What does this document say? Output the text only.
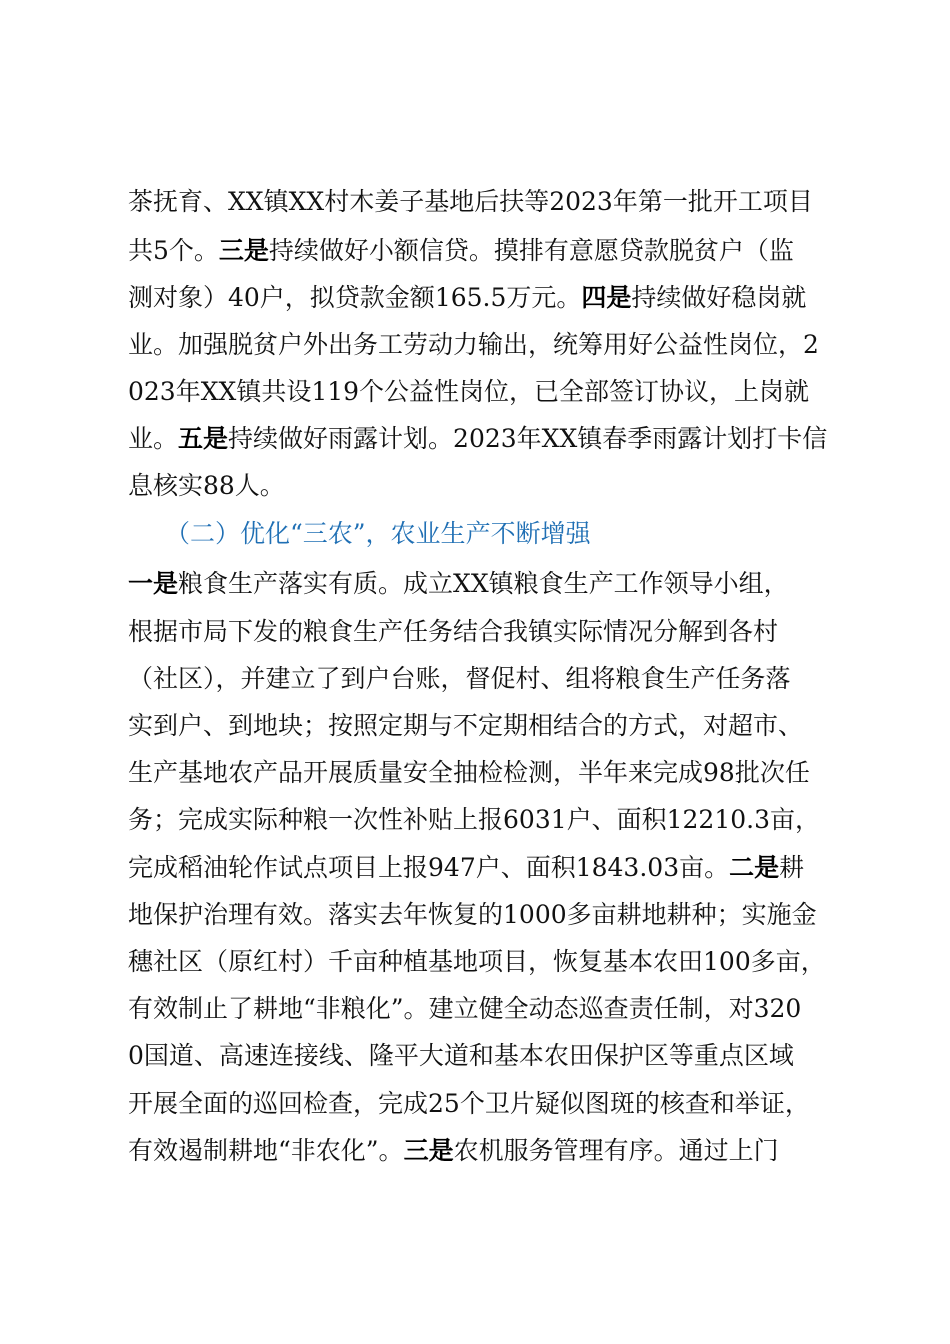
茶抚育、XX镇XX村木姜子基地后扶等2023年第一批开工项目
共5个。三是持续做好小额信贷。摸排有意愿贷款脱贫户（监
测对象）40户，拟贷款金额165.5万元。四是持续做好稳岗就
业。加强脱贫户外出务工劳动力输出，统筹用好公益性岗位，2
023年XX镇共设119个公益性岗位，已全部签订协议，上岗就
业。五是持续做好雨露计划。2023年XX镇春季雨露计划打卡信
息核实88人。
（二）优化“三农”，农业生产不断增强
一是粮食生产落实有质。成立XX镇粮食生产工作领导小组，
根据市局下发的粮食生产任务结合我镇实际情况分解到各村
（社区），并建立了到户台账，督促村、组将粮食生产任务落
实到户、到地块；按照定期与不定期相结合的方式，对超市、
生产基地农产品开展质量安全抽检检测，半年来完成98批次任
务；完成实际种粮一次性补贴上报6031户、面积12210.3亩，
完成稻油轮作试点项目上报947户、面积1843.03亩。二是耕
地保护治理有效。落实去年恢复的1000多亩耕地耕种；实施金
穗社区（原红村）千亩种植基地项目，恢复基本农田100多亩，
有效制止了耕地“非粮化”。建立健全动态巡查责任制，对320
0国道、高速连接线、隆平大道和基本农田保护区等重点区域
开展全面的巡回检查，完成25个卫片疑似图斑的核查和举证，
有效遏制耕地“非农化”。三是农机服务管理有序。通过上门
